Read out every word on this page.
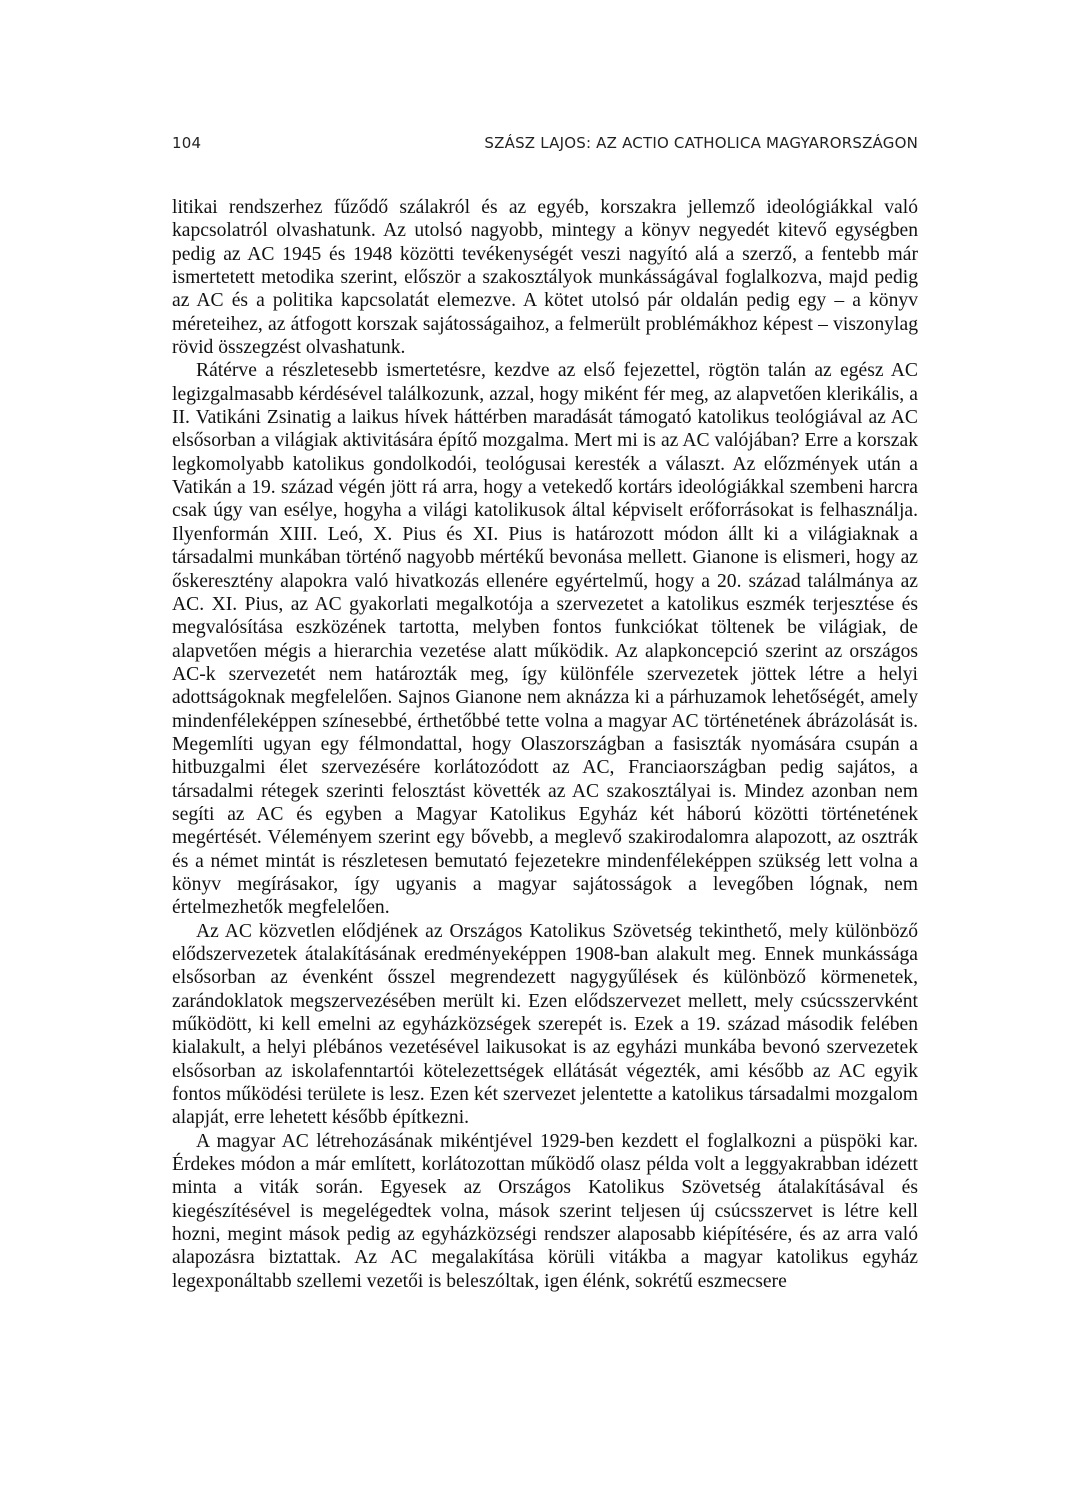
104	SZÁSZ LAJOS: AZ ACTIO CATHOLICA MAGYARORSZÁGON

litikai rendszerhez fűződő szálakról és az egyéb, korszakra jellemző ideológiákkal való kapcsolatról olvashatunk. Az utolsó nagyobb, mintegy a könyv negyedét kitevő egységben pedig az AC 1945 és 1948 közötti tevékenységét veszi nagyító alá a szerző, a fentebb már ismertetett metodika szerint, először a szakosztályok munkásságával foglalkozva, majd pedig az AC és a politika kapcsolatát elemezve. A kötet utolsó pár oldalán pedig egy – a könyv méreteihez, az átfogott korszak sajátosságaihoz, a felmerült problémákhoz képest – viszonylag rövid összegzést olvashatunk.

Rátérve a részletesebb ismertetésre, kezdve az első fejezettel, rögtön talán az egész AC legizgalmasabb kérdésével találkozunk, azzal, hogy miként fér meg, az alapvetően klerikális, a II. Vatikáni Zsinatig a laikus hívek háttérben maradását támogató katolikus teológiával az AC elsősorban a világiak aktivitására építő mozgalma. Mert mi is az AC valójában? Erre a korszak legkomolyabb katolikus gondolkodói, teológusai keresték a választ. Az előzmények után a Vatikán a 19. század végén jött rá arra, hogy a vetekedő kortárs ideológiákkal szembeni harcra csak úgy van esélye, hogyha a világi katolikusok által képviselt erőforrásokat is felhasználja. Ilyenformán XIII. Leó, X. Pius és XI. Pius is határozott módon állt ki a világiaknak a társadalmi munkában történő nagyobb mértékű bevonása mellett. Gianone is elismeri, hogy az őskeresztény alapokra való hivatkozás ellenére egyértelmű, hogy a 20. század találmánya az AC. XI. Pius, az AC gyakorlati megalkotója a szervezetet a katolikus eszmék terjesztése és megvalósítása eszközének tartotta, melyben fontos funkciókat töltenek be világiak, de alapvetően mégis a hierarchia vezetése alatt működik. Az alapkoncepció szerint az országos AC-k szervezetét nem határozták meg, így különféle szervezetek jöttek létre a helyi adottságoknak megfelelően. Sajnos Gianone nem aknázza ki a párhuzamok lehetőségét, amely mindenféleképpen színesebbé, érthetőbbé tette volna a magyar AC történetének ábrázolását is. Megemlíti ugyan egy félmondattal, hogy Olaszországban a fasiszták nyomására csupán a hitbuzgalmi élet szervezésére korlátozódott az AC, Franciaországban pedig sajátos, a társadalmi rétegek szerinti felosztást követték az AC szakosztályai is. Mindez azonban nem segíti az AC és egyben a Magyar Katolikus Egyház két háború közötti történetének megértését. Véleményem szerint egy bővebb, a meglevő szakirodalomra alapozott, az osztrák és a német mintát is részletesen bemutató fejezetekre mindenféleképpen szükség lett volna a könyv megírásakor, így ugyanis a magyar sajátosságok a levegőben lógnak, nem értelmezhetők megfelelően.

Az AC közvetlen elődjének az Országos Katolikus Szövetség tekinthető, mely különböző elődszervezetek átalakításának eredményeképpen 1908-ban alakult meg. Ennek munkássága elsősorban az évenként ősszel megrendezett nagygyűlések és különböző körmenetek, zarándoklatok megszervezésében merült ki. Ezen elődszervezet mellett, mely csúcsszervként működött, ki kell emelni az egyházközségek szerepét is. Ezek a 19. század második felében kialakult, a helyi plébános vezetésével laikusokat is az egyházi munkába bevonó szervezetek elsősorban az iskolafenntartói kötelezettségek ellátását végezték, ami később az AC egyik fontos működési területe is lesz. Ezen két szervezet jelentette a katolikus társadalmi mozgalom alapját, erre lehetett később építkezni.

A magyar AC létrehozásának mikéntjével 1929-ben kezdett el foglalkozni a püspöki kar. Érdekes módon a már említett, korlátozottan működő olasz példa volt a leggyakrabban idézett minta a viták során. Egyesek az Országos Katolikus Szövetség átalakításával és kiegészítésével is megelégedtek volna, mások szerint teljesen új csúcsszervet is létre kell hozni, megint mások pedig az egyházközségi rendszer alaposabb kiépítésére, és az arra való alapozásra biztattak. Az AC megalakítása körüli vitákba a magyar katolikus egyház legexponáltabb szellemi vezetői is beleszóltak, igen élénk, sokrétű eszmecsere
